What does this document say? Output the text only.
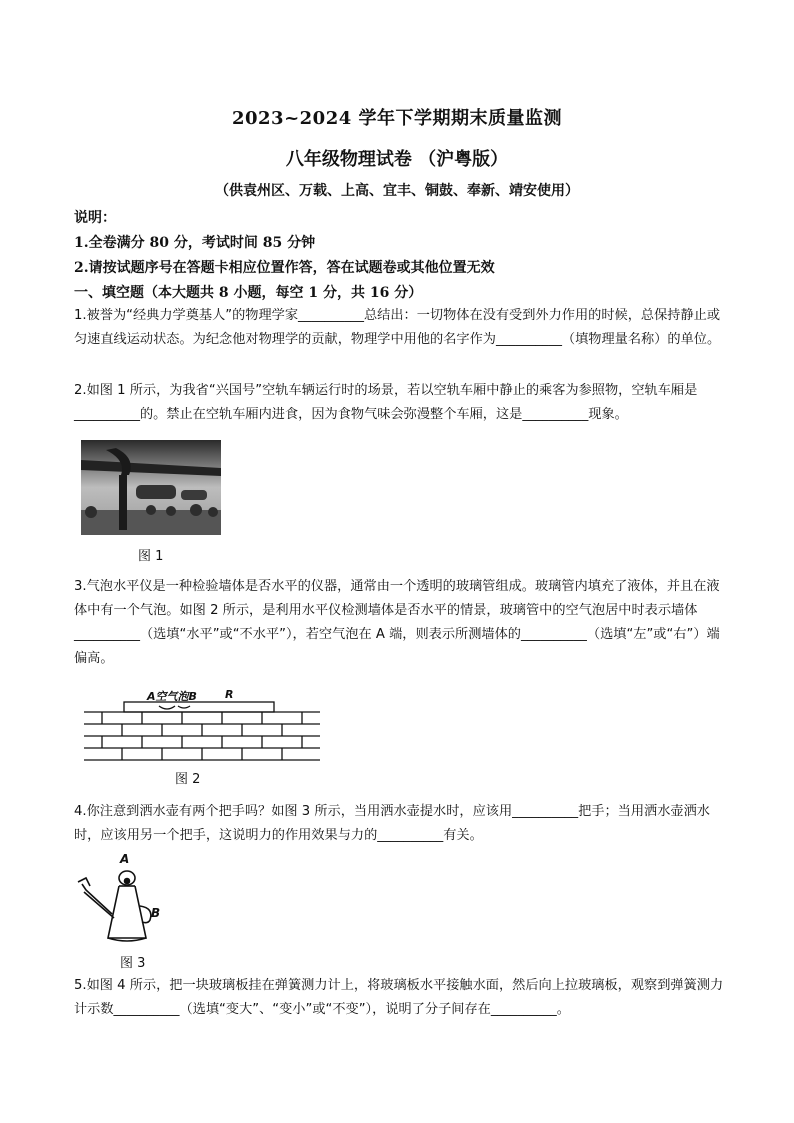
2023~2024 学年下学期期末质量监测
八年级物理试卷 （沪粤版）
（供袁州区、万载、上高、宜丰、铜鼓、奉新、靖安使用）
说明：
1.全卷满分 80 分，考试时间 85 分钟
2.请按试题序号在答题卡相应位置作答，答在试题卷或其他位置无效
一、填空题（本大题共 8 小题，每空 1 分，共 16 分）
1.被誉为“经典力学奠基人”的物理学家__________总结出：一切物体在没有受到外力作用的时候，总保持静止或匀速直线运动状态。为纪念他对物理学的贡献，物理学中用他的名字作为__________（填物理量名称）的单位。
2.如图 1 所示，为我省“兴国号”空轨车辆运行时的场景，若以空轨车厢中静止的乘客为参照物，空轨车厢是__________的。禁止在空轨车厢内进食，因为食物气味会弥漫整个车厢，这是__________现象。
图 1
3.气泡水平仪是一种检验墙体是否水平的仪器，通常由一个透明的玻璃管组成。玻璃管内填充了液体，并且在液体中有一个气泡。如图 2 所示，是利用水平仪检测墙体是否水平的情景，玻璃管中的空气泡居中时表示墙体__________（选填“水平”或“不水平”），若空气泡在 A 端，则表示所测墙体的__________（选填“左”或“右”）端偏高。
A空气泡B	R
图 2
4.你注意到洒水壶有两个把手吗？如图 3 所示，当用洒水壶提水时，应该用__________把手；当用洒水壶洒水时，应该用另一个把手，这说明力的作用效果与力的__________有关。
A
B
图 3
5.如图 4 所示，把一块玻璃板挂在弹簧测力计上，将玻璃板水平接触水面，然后向上拉玻璃板，观察到弹簧测力计示数__________（选填“变大”、“变小”或“不变”），说明了分子间存在__________。
